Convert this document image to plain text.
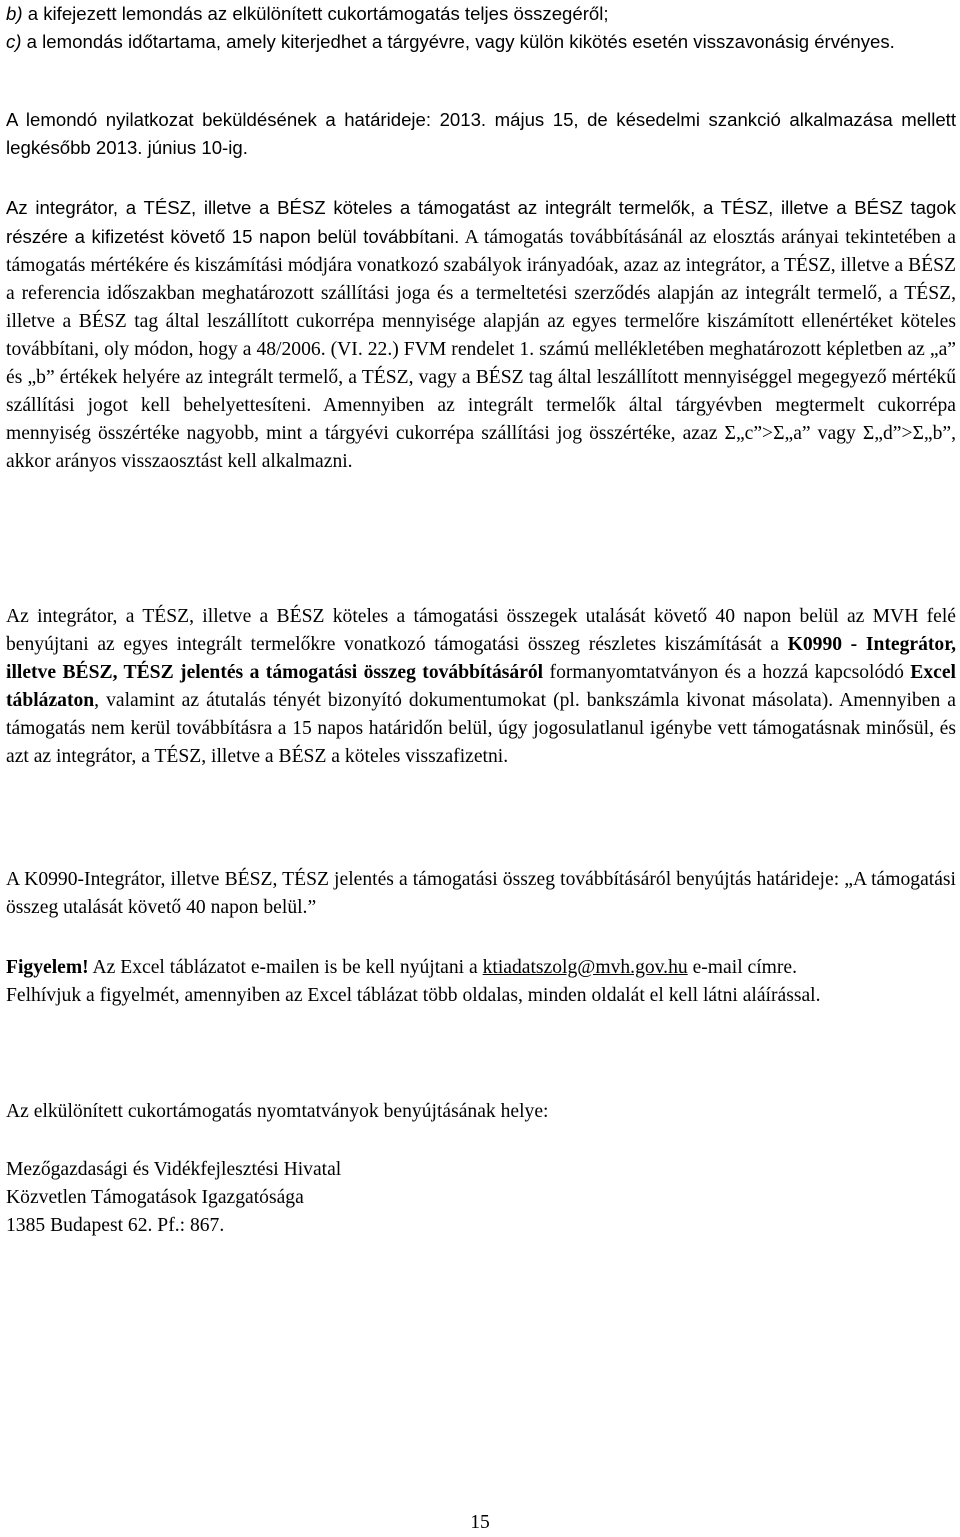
b) a kifejezett lemondás az elkülönített cukortámogatás teljes összegéről;

c) a lemondás időtartama, amely kiterjedhet a tárgyévre, vagy külön kikötés esetén visszavonásig érvényes.

A lemondó nyilatkozat beküldésének a határideje: 2013. május 15, de késedelmi szankció alkalmazása mellett legkésőbb 2013. június 10-ig.

Az integrátor, a TÉSZ, illetve a BÉSZ köteles a támogatást az integrált termelők, a TÉSZ, illetve a BÉSZ tagok részére a kifizetést követő 15 napon belül továbbítani. A támogatás továbbításánál az elosztás arányai tekintetében a támogatás mértékére és kiszámítási módjára vonatkozó szabályok irányadóak, azaz az integrátor, a TÉSZ, illetve a BÉSZ a referencia időszakban meghatározott szállítási joga és a termeltetési szerződés alapján az integrált termelő, a TÉSZ, illetve a BÉSZ tag által leszállított cukorrépa mennyisége alapján az egyes termelőre kiszámított ellenértéket köteles továbbítani, oly módon, hogy a 48/2006. (VI. 22.) FVM rendelet 1. számú mellékletében meghatározott képletben az „a” és „b” értékek helyére az integrált termelő, a TÉSZ, vagy a BÉSZ tag által leszállított mennyiséggel megegyező mértékű szállítási jogot kell behelyettesíteni. Amennyiben az integrált termelők által tárgyévben megtermelt cukorrépa mennyiség összértéke nagyobb, mint a tárgyévi cukorrépa szállítási jog összértéke, azaz Σ„c”>Σ„a” vagy Σ„d”>Σ„b”, akkor arányos visszaosztást kell alkalmazni.

Az integrátor, a TÉSZ, illetve a BÉSZ köteles a támogatási összegek utalását követő 40 napon belül az MVH felé benyújtani az egyes integrált termelőkre vonatkozó támogatási összeg részletes kiszámítását a K0990 - Integrátor, illetve BÉSZ, TÉSZ jelentés a támogatási összeg továbbításáról formanyomtatványon és a hozzá kapcsolódó Excel táblázaton, valamint az átutalás tényét bizonyító dokumentumokat (pl. bankszámla kivonat másolata). Amennyiben a támogatás nem kerül továbbításra a 15 napos határidőn belül, úgy jogosulatlanul igénybe vett támogatásnak minősül, és azt az integrátor, a TÉSZ, illetve a BÉSZ a köteles visszafizetni.

A K0990-Integrátor, illetve BÉSZ, TÉSZ jelentés a támogatási összeg továbbításáról benyújtás határideje: „A támogatási összeg utalását követő 40 napon belül.”

Figyelem! Az Excel táblázatot e-mailen is be kell nyújtani a ktiadatszolg@mvh.gov.hu e-mail címre.

Felhívjuk a figyelmét, amennyiben az Excel táblázat több oldalas, minden oldalát el kell látni aláírással.

Az elkülönített cukortámogatás nyomtatványok benyújtásának helye:

Mezőgazdasági és Vidékfejlesztési Hivatal

Közvetlen Támogatások Igazgatósága

1385 Budapest 62. Pf.: 867.

15
